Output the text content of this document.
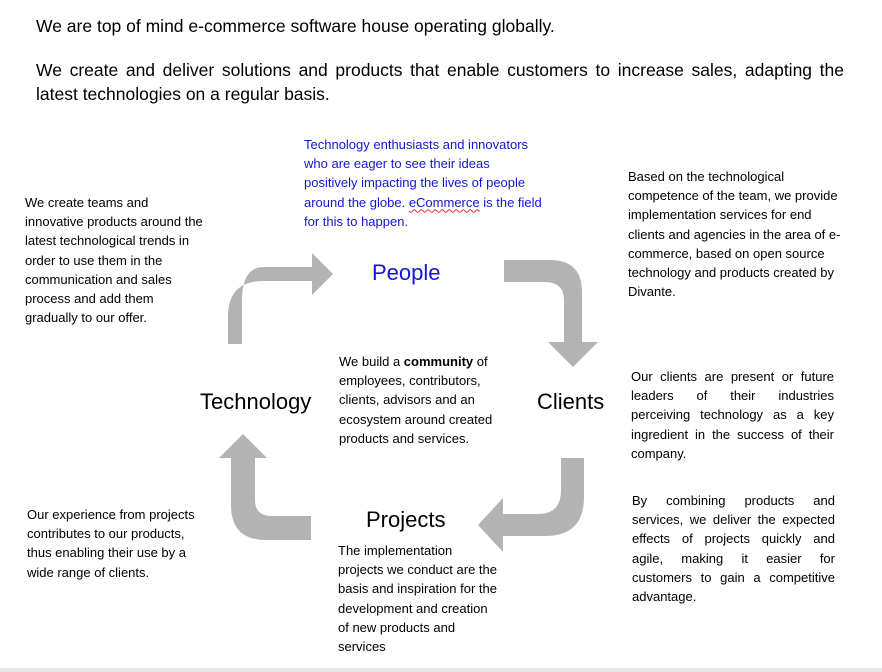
We are top of mind e-commerce software house operating globally.

We create and deliver solutions and products that enable customers to increase sales, adapting the latest technologies on a regular basis.

People
Clients
Projects
Technology

Technology enthusiasts and innovators who are eager to see their ideas positively impacting the lives of people around the globe. eCommerce is the field for this to happen.

Based on the technological competence of the team, we provide implementation services for end clients and agencies in the area of e-commerce, based on open source technology and products created by Divante.

Our clients are present or future leaders of their industries perceiving technology as a key ingredient in the success of their company.

By combining products and services, we deliver the expected effects of projects quickly and agile, making it easier for customers to gain a competitive advantage.

The implementation projects we conduct are the basis and inspiration for the development and creation of new products and services

Our experience from projects contributes to our products, thus enabling their use by a wide range of clients.

We create teams and innovative products around the latest technological trends in order to use them in the communication and sales process and add them gradually to our offer.

We build a community of employees, contributors, clients, advisors and an ecosystem around created products and services.
